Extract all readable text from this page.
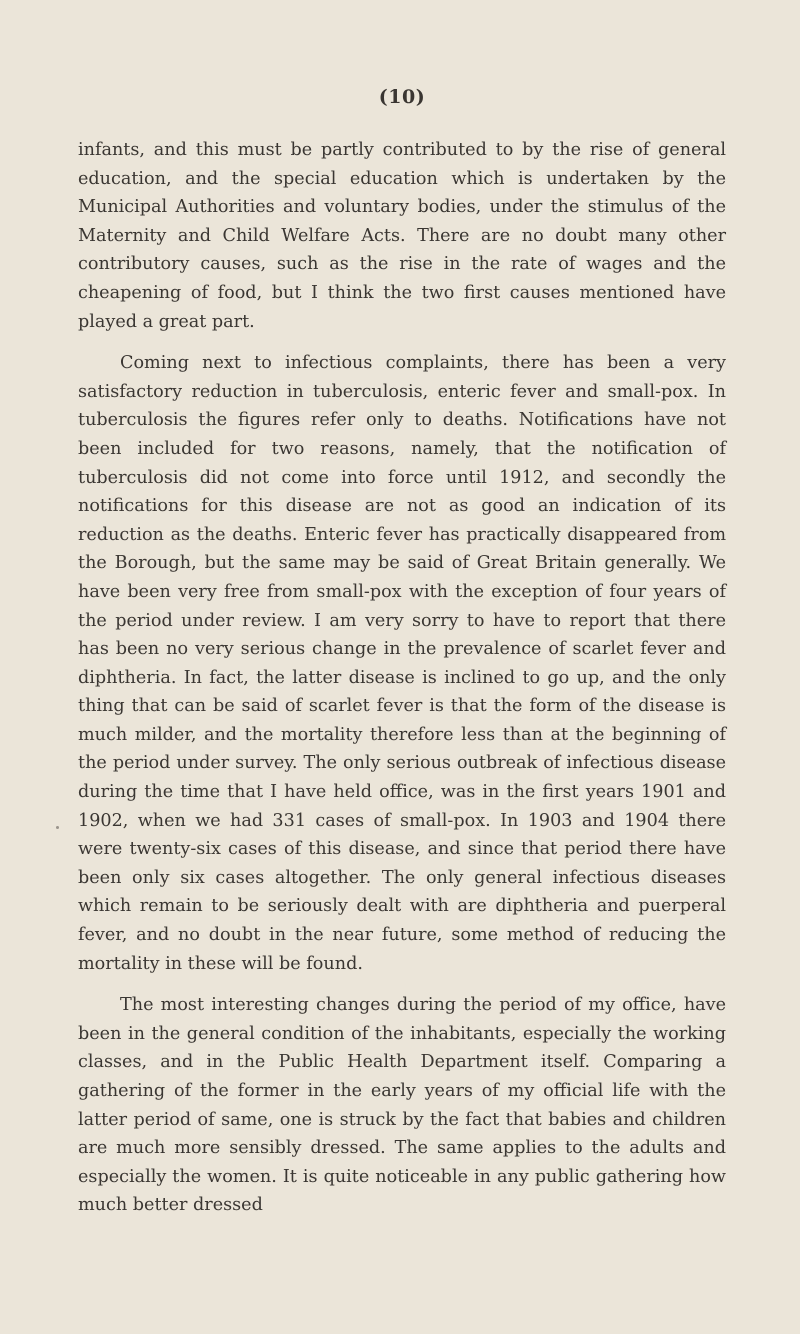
(10)

infants, and this must be partly contributed to by the rise of general education, and the special education which is undertaken by the Municipal Authorities and voluntary bodies, under the stimulus of the Maternity and Child Welfare Acts. There are no doubt many other contributory causes, such as the rise in the rate of wages and the cheapening of food, but I think the two first causes mentioned have played a great part.

Coming next to infectious complaints, there has been a very satisfactory reduction in tuberculosis, enteric fever and small-pox. In tuberculosis the figures refer only to deaths. Notifications have not been included for two reasons, namely, that the notification of tuberculosis did not come into force until 1912, and secondly the notifications for this disease are not as good an indication of its reduction as the deaths. Enteric fever has practically disappeared from the Borough, but the same may be said of Great Britain generally. We have been very free from small-pox with the exception of four years of the period under review. I am very sorry to have to report that there has been no very serious change in the prevalence of scarlet fever and diphtheria. In fact, the latter disease is inclined to go up, and the only thing that can be said of scarlet fever is that the form of the disease is much milder, and the mortality therefore less than at the beginning of the period under survey. The only serious outbreak of infectious disease during the time that I have held office, was in the first years 1901 and 1902, when we had 331 cases of small-pox. In 1903 and 1904 there were twenty-six cases of this disease, and since that period there have been only six cases altogether. The only general infectious diseases which remain to be seriously dealt with are diphtheria and puerperal fever, and no doubt in the near future, some method of reducing the mortality in these will be found.

The most interesting changes during the period of my office, have been in the general condition of the inhabitants, especially the working classes, and in the Public Health Department itself. Comparing a gathering of the former in the early years of my official life with the latter period of same, one is struck by the fact that babies and children are much more sensibly dressed. The same applies to the adults and especially the women. It is quite noticeable in any public gathering how much better dressed
